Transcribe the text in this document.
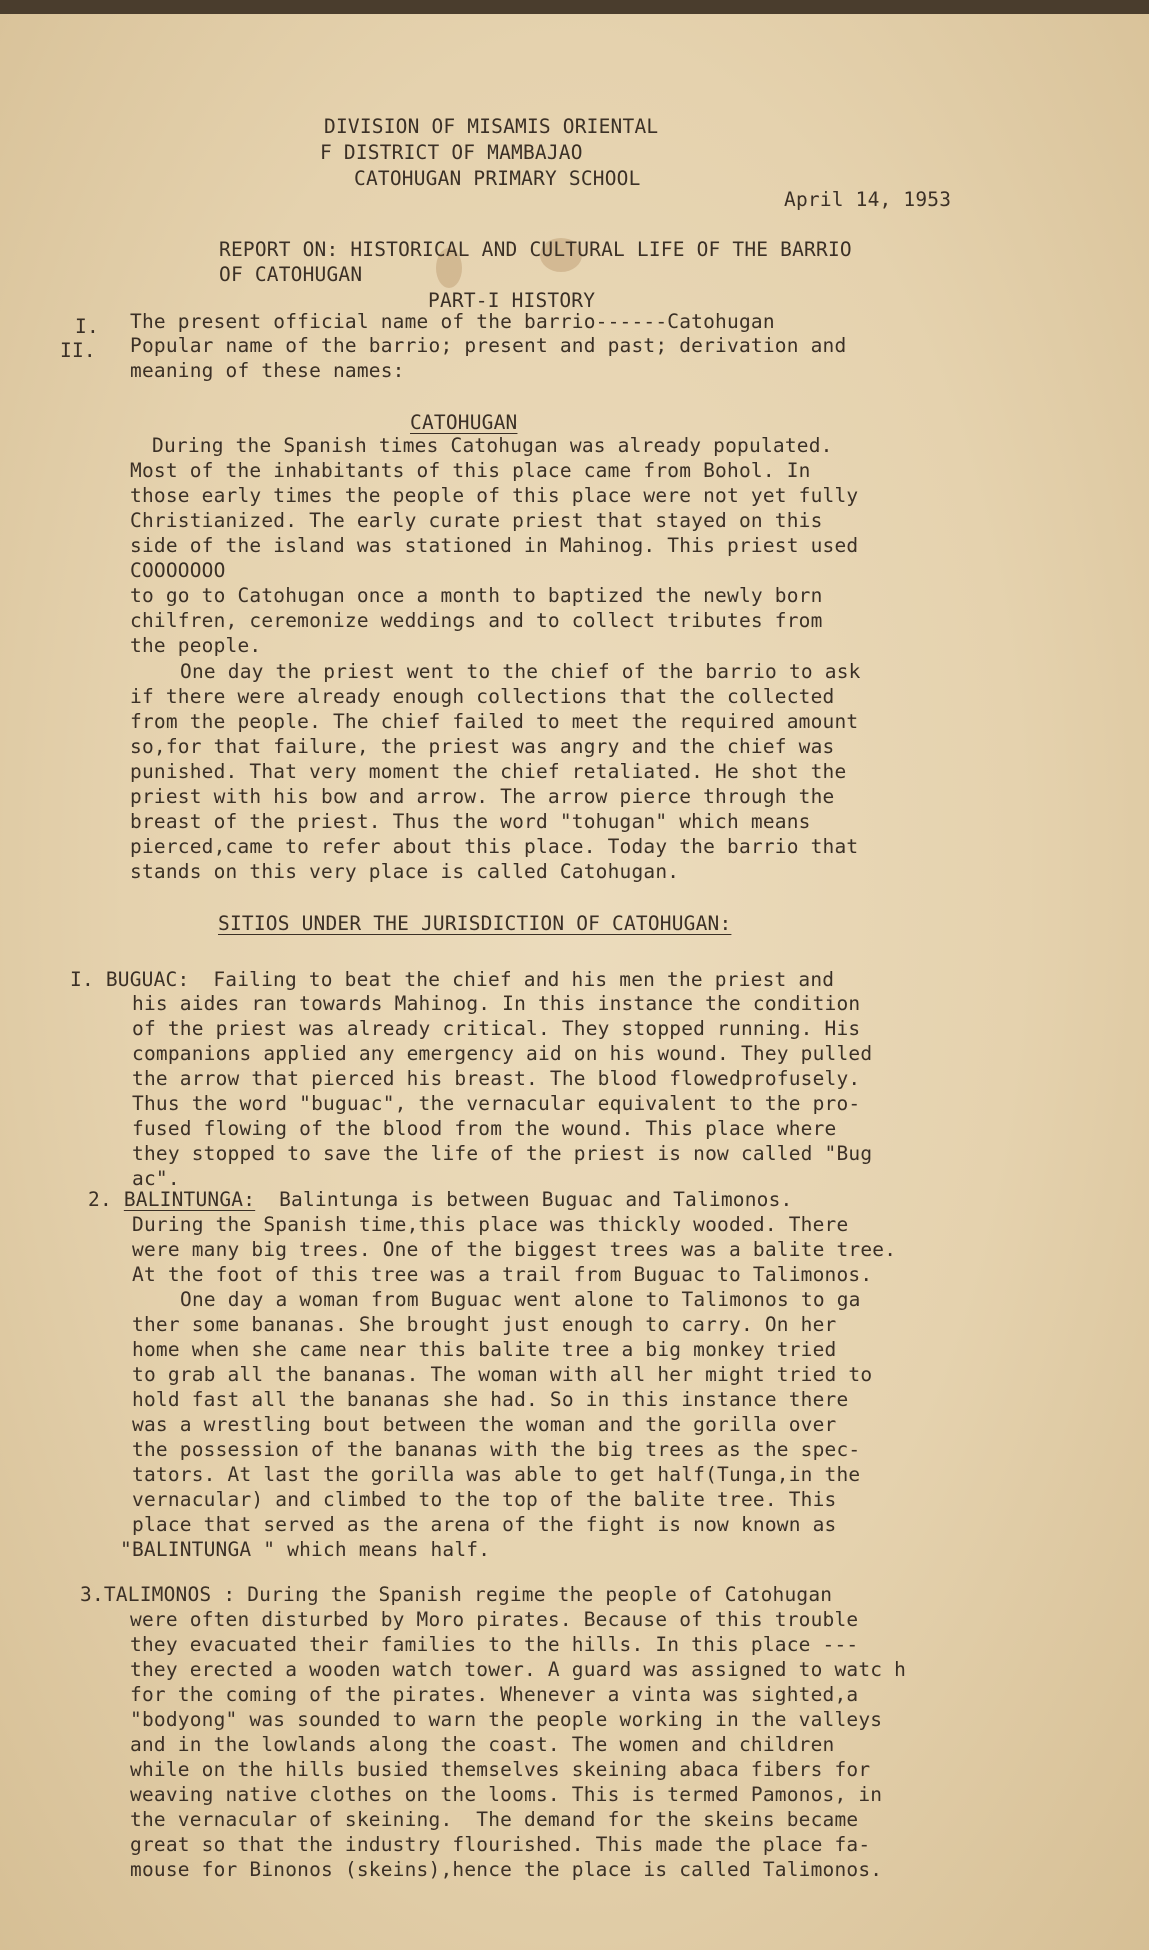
DIVISION OF MISAMIS ORIENTAL

F DISTRICT OF MAMBAJAO

CATOHUGAN PRIMARY SCHOOL

April 14, 1953

REPORT ON: HISTORICAL AND CULTURAL LIFE OF THE BARRIO

OF CATOHUGAN

PART-I HISTORY

I. The present official name of the barrio------Catohugan

II. Popular name of the barrio; present and past; derivation and

meaning of these names:

CATOHUGAN

During the Spanish times Catohugan was already populated.

Most of the inhabitants of this place came from Bohol. In

those early times the people of this place were not yet fully

Christianized. The early curate priest that stayed on this

side of the island was stationed in Mahinog. This priest used

COOOOOOO

to go to Catohugan once a month to baptized the newly born

chilfren, ceremonize weddings and to collect tributes from

the people.

One day the priest went to the chief of the barrio to ask

if there were already enough collections that the collected

from the people. The chief failed to meet the required amount

so,for that failure, the priest was angry and the chief was

punished. That very moment the chief retaliated. He shot the

priest with his bow and arrow. The arrow pierce through the

breast of the priest. Thus the word "tohugan" which means

pierced,came to refer about this place. Today the barrio that

stands on this very place is called Catohugan.

SITIOS UNDER THE JURISDICTION OF CATOHUGAN:

I. BUGUAC: Failing to beat the chief and his men the priest and

his aides ran towards Mahinog. In this instance the condition

of the priest was already critical. They stopped running. His

companions applied any emergency aid on his wound. They pulled

the arrow that pierced his breast. The blood flowedprofusely.

Thus the word "buguac", the vernacular equivalent to the pro-

fused flowing of the blood from the wound. This place where

they stopped to save the life of the priest is now called "Bug

ac".

2. BALINTUNGA: Balintunga is between Buguac and Talimonos.

During the Spanish time,this place was thickly wooded. There

were many big trees. One of the biggest trees was a balite tree.

At the foot of this tree was a trail from Buguac to Talimonos.

One day a woman from Buguac went alone to Talimonos to ga

ther some bananas. She brought just enough to carry. On her

home when she came near this balite tree a big monkey tried

to grab all the bananas. The woman with all her might tried to

hold fast all the bananas she had. So in this instance there

was a wrestling bout between the woman and the gorilla over

the possession of the bananas with the big trees as the spec-

tators. At last the gorilla was able to get half(Tunga,in the

vernacular) and climbed to the top of the balite tree. This

place that served as the arena of the fight is now known as

"BALINTUNGA " which means half.

3.TALIMONOS : During the Spanish regime the people of Catohugan

were often disturbed by Moro pirates. Because of this trouble

they evacuated their families to the hills. In this place ---

they erected a wooden watch tower. A guard was assigned to watc h

for the coming of the pirates. Whenever a vinta was sighted,a

"bodyong" was sounded to warn the people working in the valleys

and in the lowlands along the coast. The women and children

while on the hills busied themselves skeining abaca fibers for

weaving native clothes on the looms. This is termed Pamonos, in

the vernacular of skeining.  The demand for the skeins became

great so that the industry flourished. This made the place fa-

mouse for Binonos (skeins),hence the place is called Talimonos.
